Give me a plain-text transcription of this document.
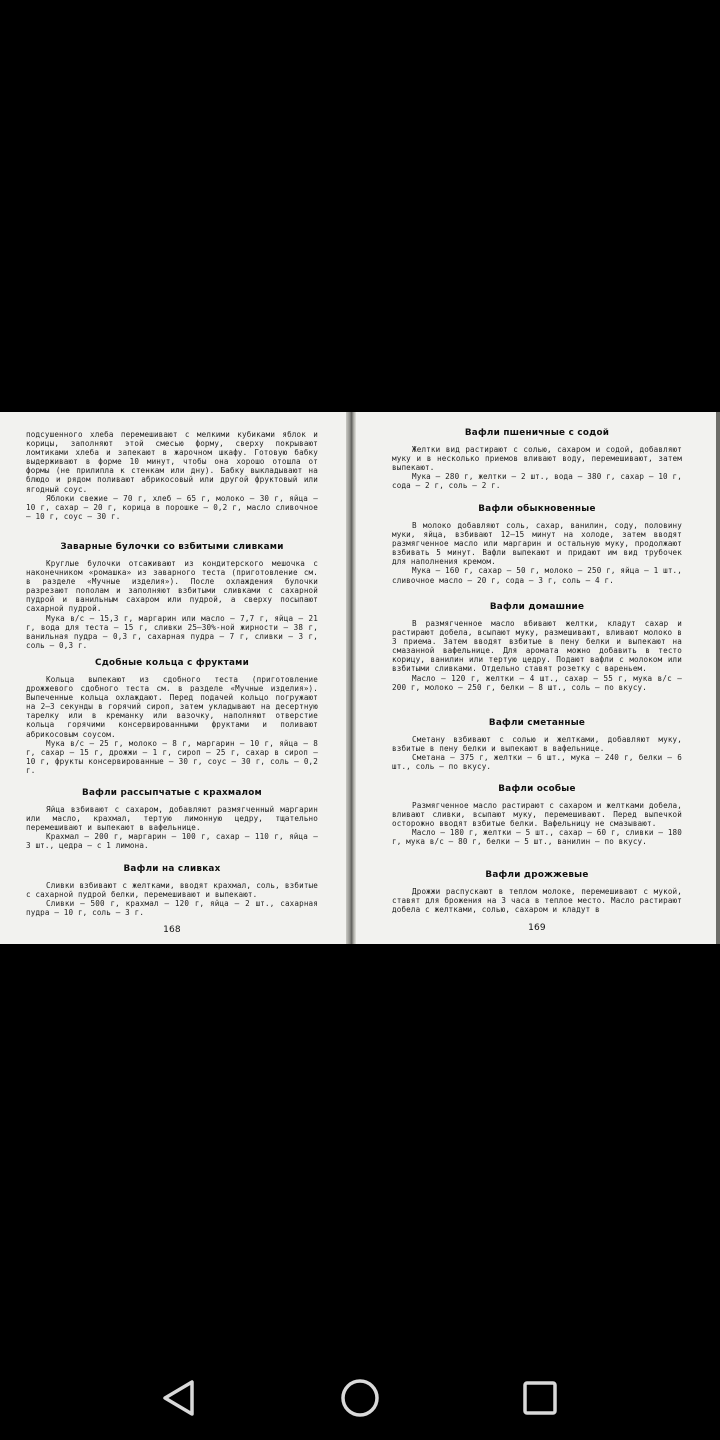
подсушенного хлеба перемешивают с мелкими кубиками яблок и корицы, заполняют этой смесью форму, сверху покрывают ломтиками хлеба и запекают в жарочном шкафу. Готовую бабку выдерживают в форме 10 минут, чтобы она хорошо отошла от формы (не прилипла к стенкам или дну). Бабку выкладывают на блюдо и рядом поливают абрикосовый или другой фруктовый или ягодный соус.

Яблоки свежие — 70 г, хлеб — 65 г, молоко — 30 г, яйца — 10 г, сахар — 20 г, корица в порошке — 0,2 г, масло сливочное — 10 г, соус — 30 г.

Заварные булочки со взбитыми сливками

Круглые булочки отсаживают из кондитерского мешочка с наконечником «ромашка» из заварного теста (приготовление см. в разделе «Мучные изделия»). После охлаждения булочки разрезают пополам и заполняют взбитыми сливками с сахарной пудрой и ванильным сахаром или пудрой, а сверху посыпают сахарной пудрой.

Мука в/с — 15,3 г, маргарин или масло — 7,7 г, яйца — 21 г, вода для теста — 15 г, сливки 25—30%-ной жирности — 38 г, ванильная пудра — 0,3 г, сахарная пудра — 7 г, сливки — 3 г, соль — 0,3 г.

Сдобные кольца с фруктами

Кольца выпекают из сдобного теста (приготовление дрожжевого сдобного теста см. в разделе «Мучные изделия»). Выпеченные кольца охлаждают. Перед подачей кольцо погружают на 2—3 секунды в горячий сироп, затем укладывают на десертную тарелку или в креманку или вазочку, наполняют отверстие кольца горячими консервированными фруктами и поливают абрикосовым соусом.

Мука в/с — 25 г, молоко — 8 г, маргарин — 10 г, яйца — 8 г, сахар — 15 г, дрожжи — 1 г, сироп — 25 г, сахар в сироп — 10 г, фрукты консервированные — 30 г, соус — 30 г, соль — 0,2 г.

Вафли рассыпчатые с крахмалом

Яйца взбивают с сахаром, добавляют размягченный маргарин или масло, крахмал, тертую лимонную цедру, тщательно перемешивают и выпекают в вафельнице.

Крахмал — 200 г, маргарин — 100 г, сахар — 110 г, яйца — 3 шт., цедра — с 1 лимона.

Вафли на сливках

Сливки взбивают с желтками, вводят крахмал, соль, взбитые с сахарной пудрой белки, перемешивают и выпекают.

Сливки — 500 г, крахмал — 120 г, яйца — 2 шт., сахарная пудра — 10 г, соль — 3 г.

168

Вафли пшеничные с содой

Желтки вид растирают с солью, сахаром и содой, добавляют муку и в несколько приемов вливают воду, перемешивают, затем выпекают.

Мука — 280 г, желтки — 2 шт., вода — 380 г, сахар — 10 г, сода — 2 г, соль — 2 г.

Вафли обыкновенные

В молоко добавляют соль, сахар, ванилин, соду, половину муки, яйца, взбивают 12—15 минут на холоде, затем вводят размягченное масло или маргарин и остальную муку, продолжают взбивать 5 минут. Вафли выпекают и придают им вид трубочек для наполнения кремом.

Мука — 160 г, сахар — 50 г, молоко — 250 г, яйца — 1 шт., сливочное масло — 20 г, сода — 3 г, соль — 4 г.

Вафли домашние

В размягченное масло вбивают желтки, кладут сахар и растирают добела, всыпают муку, размешивают, вливают молоко в 3 приема. Затем вводят взбитые в пену белки и выпекают на смазанной вафельнице. Для аромата можно добавить в тесто корицу, ванилин или тертую цедру. Подают вафли с молоком или взбитыми сливками. Отдельно ставят розетку с вареньем.

Масло — 120 г, желтки — 4 шт., сахар — 55 г, мука в/с — 200 г, молоко — 250 г, белки — 8 шт., соль — по вкусу.

Вафли сметанные

Сметану взбивают с солью и желтками, добавляют муку, взбитые в пену белки и выпекают в вафельнице.

Сметана — 375 г, желтки — 6 шт., мука — 240 г, белки — 6 шт., соль — по вкусу.

Вафли особые

Размягченное масло растирают с сахаром и желтками добела, вливают сливки, всыпают муку, перемешивают. Перед выпечкой осторожно вводят взбитые белки. Вафельницу не смазывают.

Масло — 180 г, желтки — 5 шт., сахар — 60 г, сливки — 180 г, мука в/с — 80 г, белки — 5 шт., ванилин — по вкусу.

Вафли дрожжевые

Дрожжи распускают в теплом молоке, перемешивают с мукой, ставят для брожения на 3 часа в теплое место. Масло растирают добела с желтками, солью, сахаром и кладут в

169
